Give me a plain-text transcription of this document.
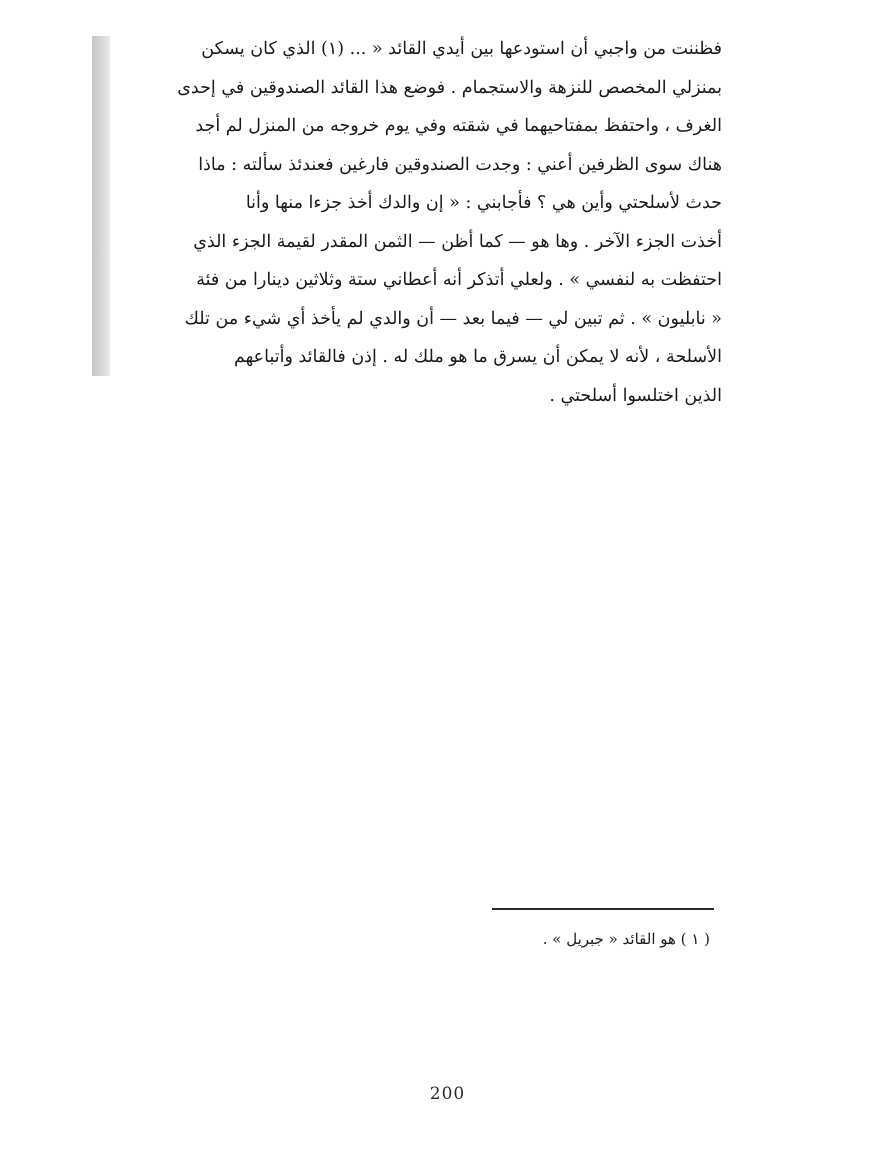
فظننت من واجبي أن استودعها بين أيدي القائد « ... (١) الذي كان يسكن
بمنزلي المخصص للنزهة والاستجمام . فوضع هذا القائد الصندوقين في إحدى
الغرف ، واحتفظ بمفتاحيهما في شقته وفي يوم خروجه من المنزل لم أجد
هناك سوى الظرفين أعني : وجدت الصندوقين فارغين فعندئذ سألته : ماذا
حدث لأسلحتي وأين هي ؟ فأجابني : « إن والدك أخذ جزءا منها وأنا
أخذت الجزء الآخر . وها هو — كما أظن — الثمن المقدر لقيمة الجزء الذي
احتفظت به لنفسي » . ولعلي أتذكر أنه أعطاني ستة وثلاثين دينارا من فئة
« نابليون » . ثم تبين لي — فيما بعد — أن والدي لم يأخذ أي شيء من تلك
الأسلحة ، لأنه لا يمكن أن يسرق ما هو ملك له . إذن فالقائد وأتباعهم
الذين اختلسوا أسلحتي .
( ١ ) هو القائد « جبريل » .
200
